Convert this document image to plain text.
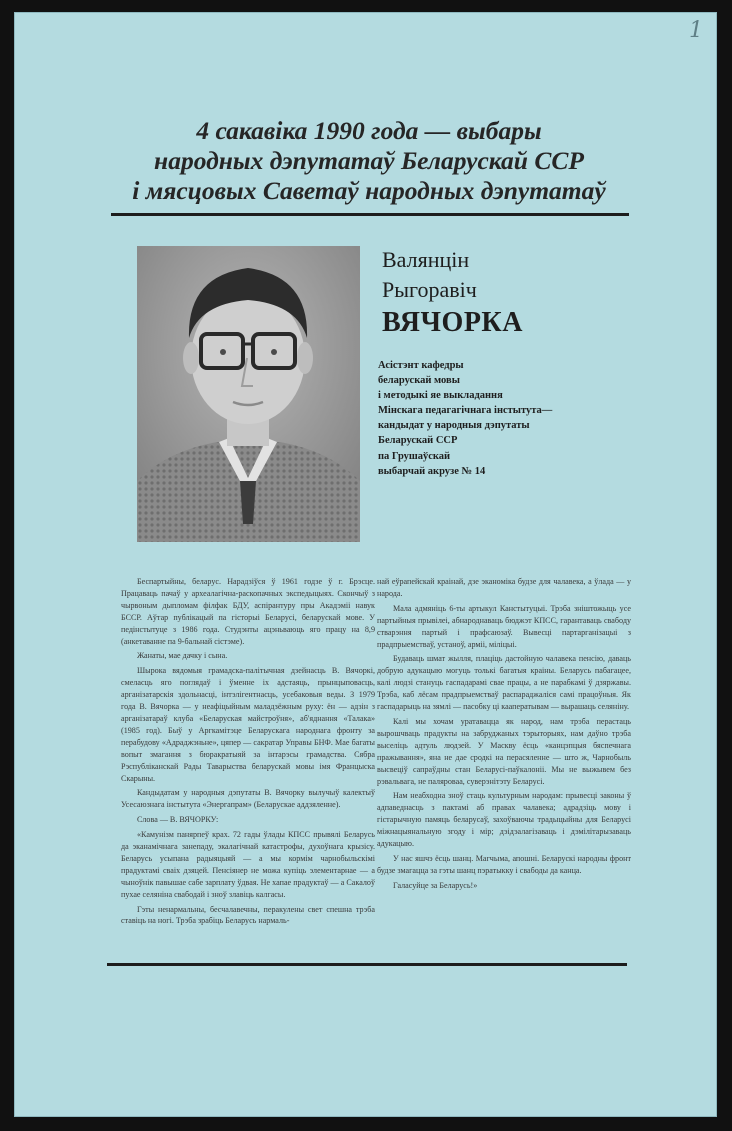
1
4 сакавіка 1990 года — выбары
народных дэпутатаў Беларускай ССР
і мясцовых Саветаў народных дэпутатаў
Валянцін
Рыгоравіч
ВЯЧОРКА
Асістэнт кафедры
беларускай мовы
і методыкі яе выкладання
Мінскага педагагічнага інстытута—
кандыдат у народныя дэпутаты
Беларускай ССР
па Грушаўскай
выбарчай акрузе № 14

Беспартыйны, беларус. Нарадзіўся ў 1961 годзе ў г. Брэсце. Працаваць пачаў у археалагічна-раскопачных экспедыцыях. Скончыў з чырвоным дыпломам філфак БДУ, аспірантуру пры Акадэміі навук БССР. Аўтар публікацый па гісторыі Беларусі, беларускай мове. У педінстытуце з 1986 года. Студэнты ацэньваюць яго працу на 8,9 (анкетаванне па 9-бальнай сістэме).

Жанаты, мае дачку і сына.

Шырока вядомыя грамадска-палітычная дзейнасць В. Вячоркі, смеласць яго поглядаў і ўменне іх адстаяць, прынцыповасць, арганізатарскія здольнасці, інтэлігентнасць, усебаковыя веды. З 1979 года В. Вячорка — у неафіцыйным маладзёжным руху: ён — адзін з арганізатараў клуба «Беларуская майстроўня», аб'яднання «Талака» (1985 год). Быў у Аргкамітэце Беларускага народнага фронту за перабудову «Адраджэньне», цяпер — сакратар Управы БНФ. Мае багаты вопыт змагання з бюракратыяй за інтарэсы грамадства. Сябра Рэспубліканскай Рады Таварыства беларускай мовы імя Францыска Скарыны.

Кандыдатам у народныя дэпутаты В. Вячорку вылучыў калектыў Усесаюзнага інстытута «Энергапрам» (Беларускае аддзяленне).

Слова — В. ВЯЧОРКУ:

«Камунізм панярпеў крах. 72 гады ўлады КПСС прывялі Беларусь да эканамічнага занепаду, экалагічнай катастрофы, духоўнага крызісу. Беларусь усыпана радыяцыяй — а мы кормім чарнобыльскімі прадуктамі сваіх дзяцей. Пенсіянер не можа купіць элементарнае — а чыноўнік павышае сабе зарплату ўдвая. Не хапае прадуктаў — а Сакалоў пухае селяніна свабодай і зноў злавіць калгасы.

Гэты ненармальны, бесчалавечны, перакулены свет спешна трэба ставіць на ногі. Трэба зрабіць Беларусь нармаль-

най еўрапейскай краінай, дзе эканоміка будзе для чалавека, а ўлада — у народа.

Мала адмяніць 6-ты артыкул Канстытуцыі. Трэба зніштожыць усе партыйныя прывілеі, абнароднаваць бюджэт КПСС, гарантаваць свабоду стварэння партый і прафсаюзаў. Вывесці партарганізацыі з прадпрыемстваў, устаноў, арміі, міліцыі.

Будаваць шмат жылля, плаціць дастойную чалавека пенсію, даваць добрую адукацыю могуць толькі багатыя краіны. Беларусь пабагацее, калі людзі стануць гаспадарамі свае працы, а не парабкамі ў дзяржавы. Трэба, каб лёсам прадпрыемстваў распараджаліся самі працоўныя. Як гаспадарыць на зямлі — пасобку ці кааператывам — вырашаць селяніну.

Калі мы хочам уратавацца як народ, нам трэба перастаць вырошчваць прадукты на забруджаных тэрыторыях, нам даўно трэба выселіць адтуль людзей. У Маскву ёсць «канцэпцыя бяспечнага пражывання», яна не дае сродкі на перасяленне — што ж, Чарнобыль высвеціў сапраўдны стан Беларусі-паўкалоніі. Мы не выжывем без рэвальвага, не паляроваа, суверэнітэту Беларусі.

Нам неабходна зноў стаць культурным народам: прывесці законы ў адпаведнасць з пактамі аб правах чалавека; адрадзіць мову і гістарычную памяць беларусаў, захоўваючы традыцыйны для Беларусі міжнацыянальную згоду і мір; дэідэалагізаваць і дэмілітарызаваць адукацыю.

У нас яшчэ ёсць шанц. Магчыма, апошні. Беларускі народны фронт будзе змагацца за гэты шанц пэратыкку і свабоды да канца.

Галасуйце за Беларусь!»
